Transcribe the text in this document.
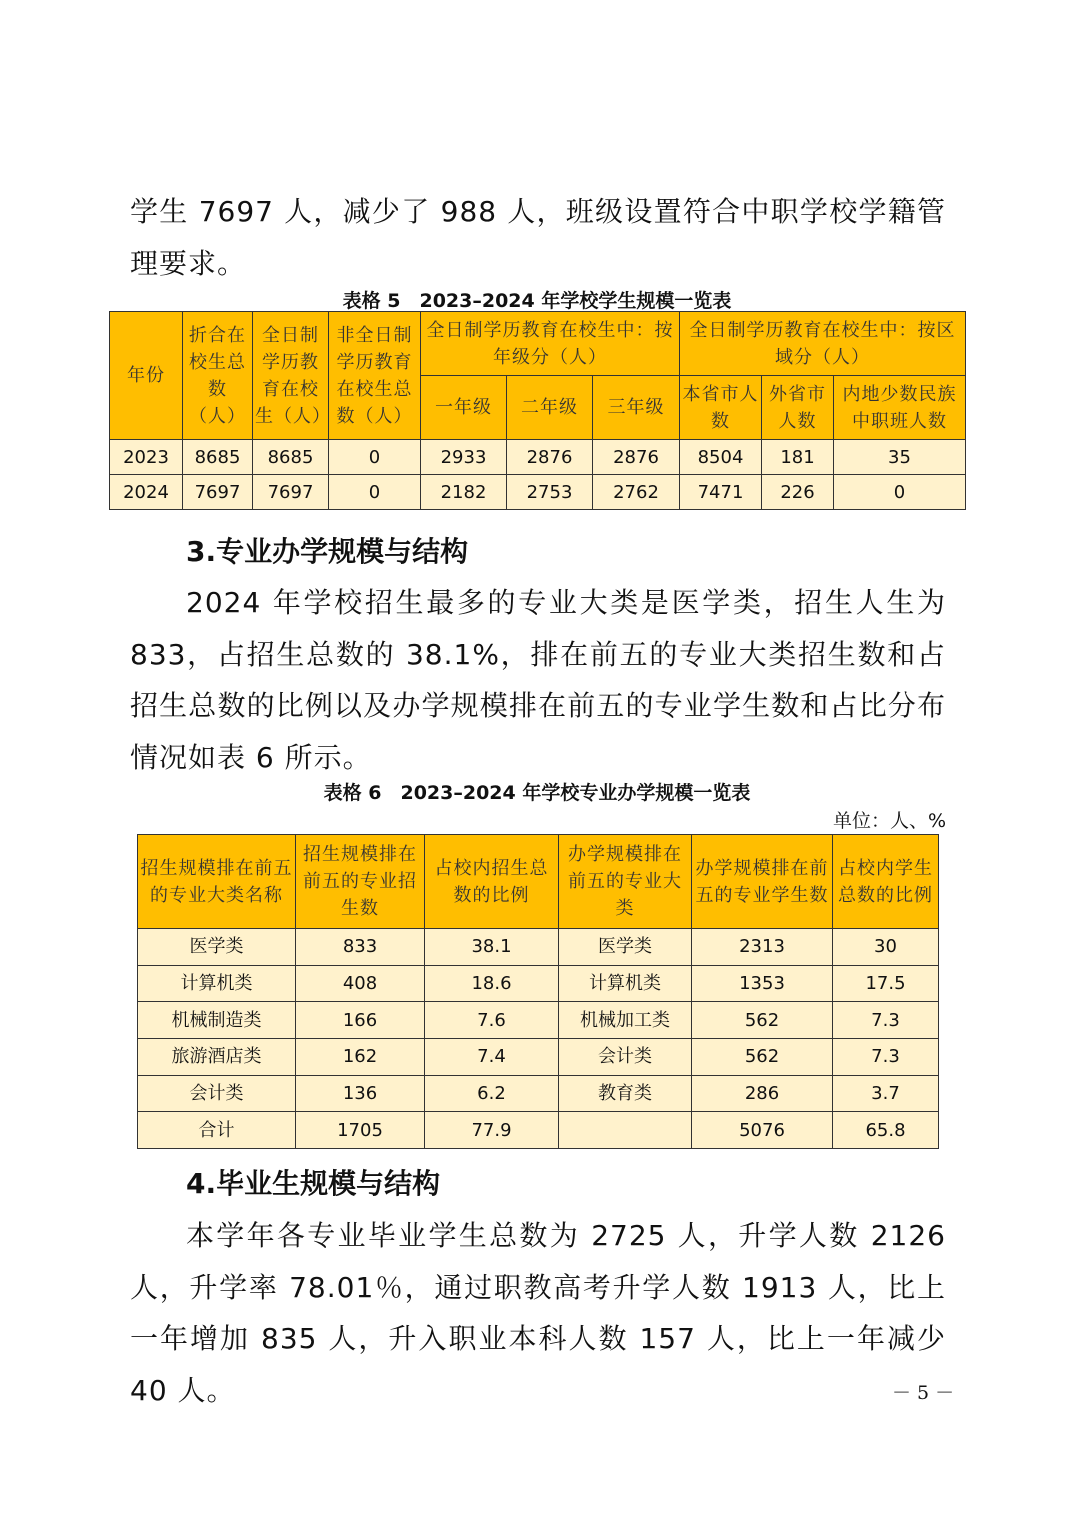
学生 7697 人，减少了 988 人，班级设置符合中职学校学籍管理要求。

表格 5　2023–2024 年学校学生规模一览表

年份	折合在校生总数（人）	全日制学历教育在校生（人）	非全日制学历教育在校生总数（人）	全日制学历教育在校生中：按年级分（人）			全日制学历教育在校生中：按区域分（人）		
				一年级	二年级	三年级	本省市人数	外省市人数	内地少数民族中职班人数
2023	8685	8685	0	2933	2876	2876	8504	181	35
2024	7697	7697	0	2182	2753	2762	7471	226	0

3.专业办学规模与结构

2024 年学校招生最多的专业大类是医学类，招生人生为 833，占招生总数的 38.1%，排在前五的专业大类招生数和占招生总数的比例以及办学规模排在前五的专业学生数和占比分布情况如表 6 所示。

表格 6　2023–2024 年学校专业办学规模一览表

单位：人、%

招生规模排在前五的专业大类名称	招生规模排在前五的专业招生数	占校内招生总数的比例	办学规模排在前五的专业大类	办学规模排在前五的专业学生数	占校内学生总数的比例
医学类	833	38.1	医学类	2313	30
计算机类	408	18.6	计算机类	1353	17.5
机械制造类	166	7.6	机械加工类	562	7.3
旅游酒店类	162	7.4	会计类	562	7.3
会计类	136	6.2	教育类	286	3.7
合计	1705	77.9		5076	65.8

4.毕业生规模与结构

本学年各专业毕业学生总数为 2725 人，升学人数 2126 人，升学率 78.01％，通过职教高考升学人数 1913 人，比上一年增加 835 人，升入职业本科人数 157 人，比上一年减少 40 人。	－ 5 －
